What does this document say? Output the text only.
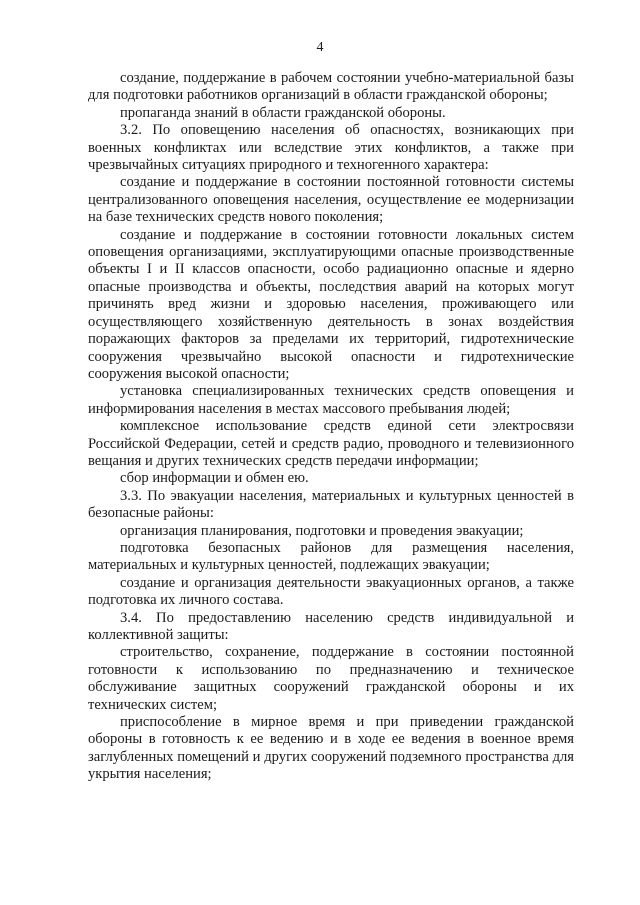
4

создание, поддержание в рабочем состоянии учебно-материальной базы для подготовки работников организаций в области гражданской обороны;

пропаганда знаний в области гражданской обороны.

3.2. По оповещению населения об опасностях, возникающих при военных конфликтах или вследствие этих конфликтов, а также при чрезвычайных ситуациях природного и техногенного характера:

создание и поддержание в состоянии постоянной готовности системы централизованного оповещения населения, осуществление ее модернизации на базе технических средств нового поколения;

создание и поддержание в состоянии готовности локальных систем оповещения организациями, эксплуатирующими опасные производственные объекты I и II классов опасности, особо радиационно опасные и ядерно опасные производства и объекты, последствия аварий на которых могут причинять вред жизни и здоровью населения, проживающего или осуществляющего хозяйственную деятельность в зонах воздействия поражающих факторов за пределами их территорий, гидротехнические сооружения чрезвычайно высокой опасности и гидротехнические сооружения высокой опасности;

установка специализированных технических средств оповещения и информирования населения в местах массового пребывания людей;

комплексное использование средств единой сети электросвязи Российской Федерации, сетей и средств радио, проводного и телевизионного вещания и других технических средств передачи информации;

сбор информации и обмен ею.

3.3. По эвакуации населения, материальных и культурных ценностей в безопасные районы:

организация планирования, подготовки и проведения эвакуации;

подготовка безопасных районов для размещения населения, материальных и культурных ценностей, подлежащих эвакуации;

создание и организация деятельности эвакуационных органов, а также подготовка их личного состава.

3.4. По предоставлению населению средств индивидуальной и коллективной защиты:

строительство, сохранение, поддержание в состоянии постоянной готовности к использованию по предназначению и техническое обслуживание защитных сооружений гражданской обороны и их технических систем;

приспособление в мирное время и при приведении гражданской обороны в готовность к ее ведению и в ходе ее ведения в военное время заглубленных помещений и других сооружений подземного пространства для укрытия населения;
